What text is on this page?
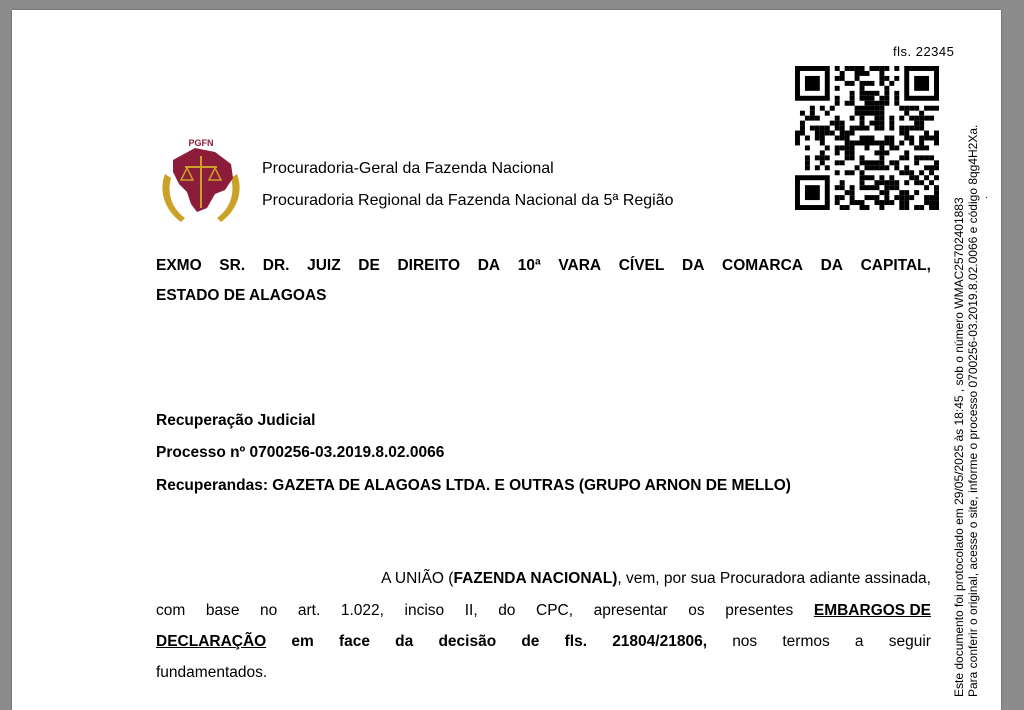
fls. 22345
PGFN
Procuradoria-Geral da Fazenda Nacional
Procuradoria Regional da Fazenda Nacional da 5ª Região
EXMO SR. DR. JUIZ DE DIREITO DA 10ª VARA CÍVEL DA COMARCA DA CAPITAL,
ESTADO DE ALAGOAS
Recuperação Judicial
Processo nº 0700256-03.2019.8.02.0066
Recuperandas: GAZETA DE ALAGOAS LTDA. E OUTRAS (GRUPO ARNON DE MELLO)
A UNIÃO (FAZENDA NACIONAL), vem, por sua Procuradora adiante assinada,
com base no art. 1.022, inciso II, do CPC, apresentar os presentes EMBARGOS DE
DECLARAÇÃO em face da decisão de fls. 21804/21806, nos termos a seguir
fundamentados.	Este documento foi protocolado em 29/05/2025 às 18:45 , sob o número WMAC25702401883 Para conferir o original, acesse o site, informe o processo 0700256-03.2019.8.02.0066 e código 8qg4H2Xa. .
